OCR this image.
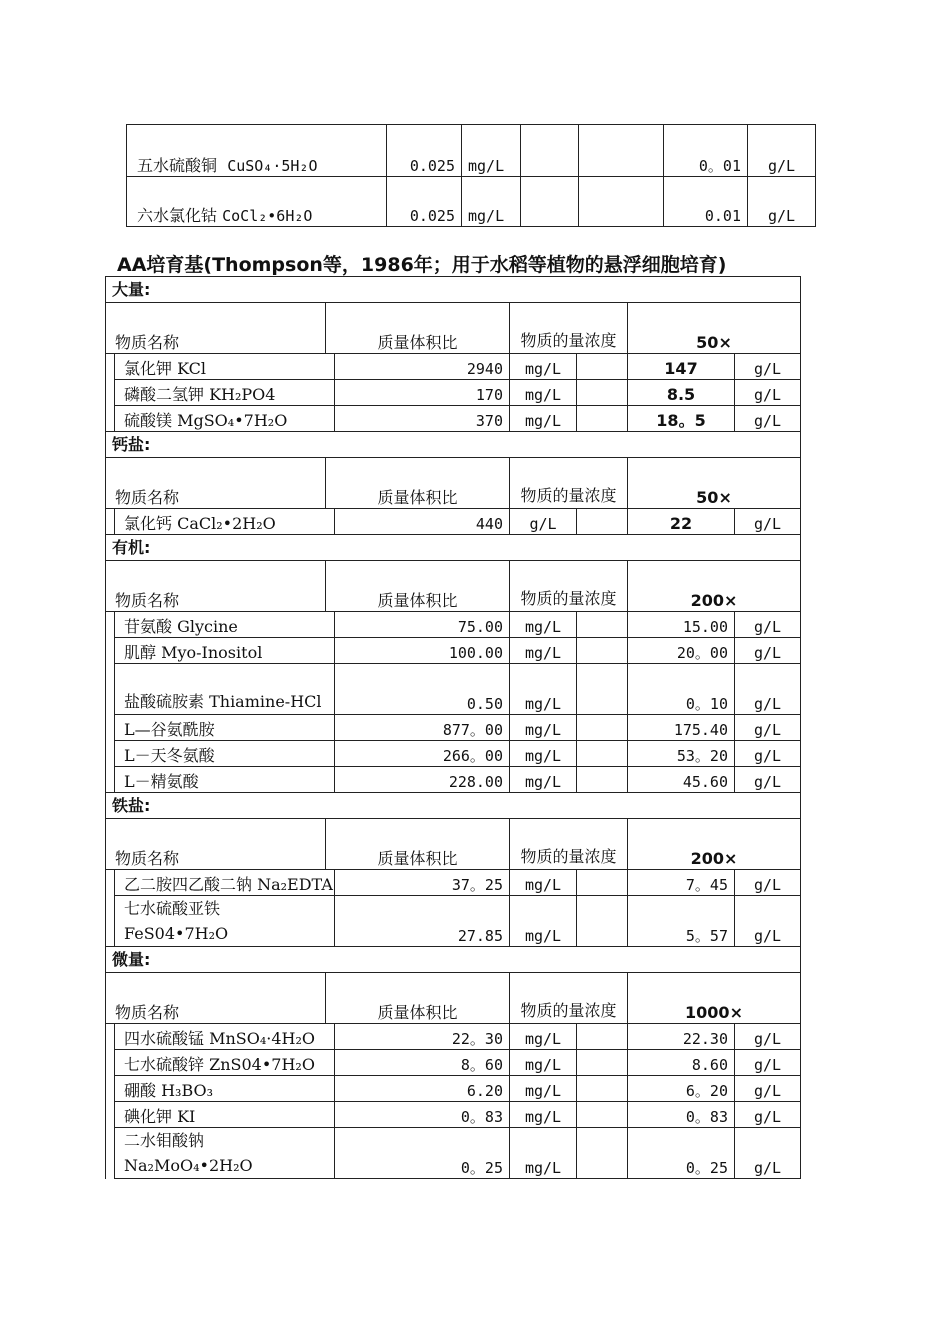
五水硫酸铜 CuSO₄·5H₂O	0.025	mg/L			0。01	g/L
六水氯化钴 CoCl₂•6H₂O	0.025	mg/L			0.01	g/L
AA培育基(Thompson等，1986年；用于水稻等植物的悬浮细胞培育)
大量:							
物质名称		质量体积比		物质的量浓度		50×	
	氯化钾 KCl		2940	mg/L		147	g/L
	磷酸二氢钾 KH₂PO4		170	mg/L		8.5	g/L
	硫酸镁 MgSO₄•7H₂O		370	mg/L		18。5	g/L
钙盐:							
物质名称		质量体积比		物质的量浓度		50×	
	氯化钙 CaCl₂•2H₂O		440	g/L		22	g/L
有机:							
物质名称		质量体积比		物质的量浓度		200×	
	苷氨酸 Glycine		75.00	mg/L		15.00	g/L
	肌醇 Myo-Inositol		100.00	mg/L		20。00	g/L
	盐酸硫胺素 Thiamine-HCl		0.50	mg/L		0。10	g/L
	L—谷氨酰胺		877。00	mg/L		175.40	g/L
	L－天冬氨酸		266。00	mg/L		53。20	g/L
	L－精氨酸		228.00	mg/L		45.60	g/L
铁盐:							
物质名称		质量体积比		物质的量浓度		200×	
	乙二胺四乙酸二钠 Na₂EDTA		37。25	mg/L		7。45	g/L
	七水硫酸亚铁 FeS04•7H₂O		27.85	mg/L		5。57	g/L
微量:							
物质名称		质量体积比		物质的量浓度		1000×	
	四水硫酸锰 MnSO₄·4H₂O		22。30	mg/L		22.30	g/L
	七水硫酸锌 ZnS04•7H₂O		8。60	mg/L		8.60	g/L
	硼酸 H₃BO₃		6.20	mg/L		6。20	g/L
	碘化钾 KI		0。83	mg/L		0。83	g/L
	二水钼酸钠 Na₂MoO₄•2H₂O		0。25	mg/L		0。25	g/L
